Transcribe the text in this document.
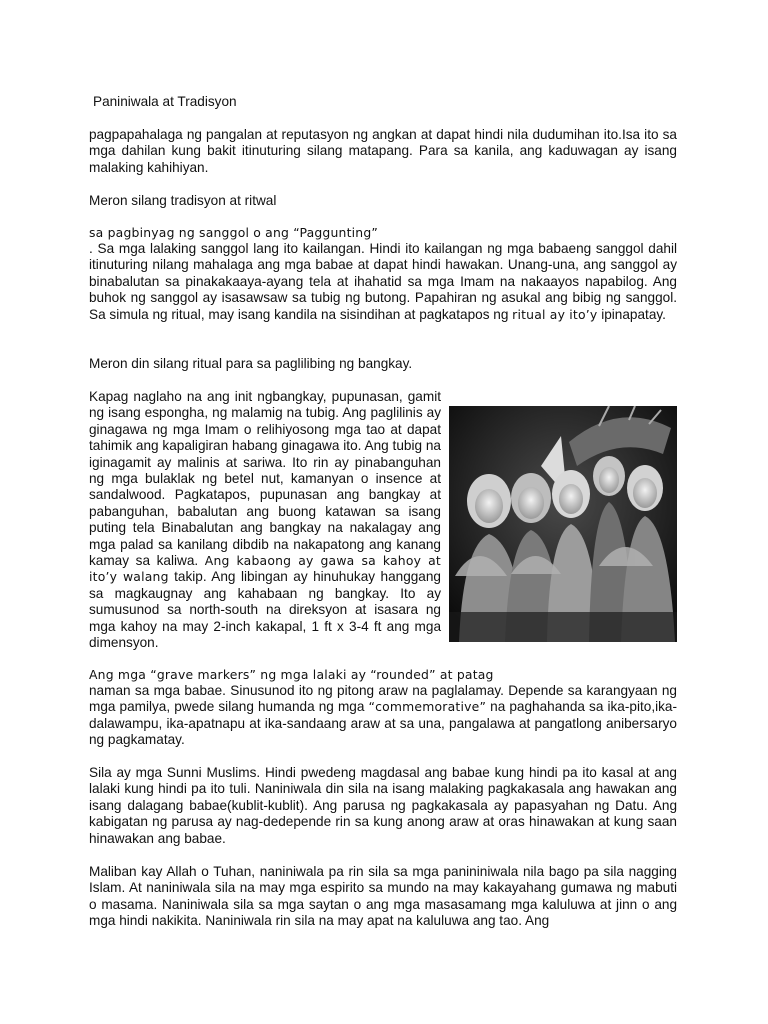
Paniniwala at Tradisyon

pagpapahalaga ng pangalan at reputasyon ng angkan at dapat hindi nila dudumihan ito.Isa ito sa mga dahilan kung bakit itinuturing silang matapang. Para sa kanila, ang kaduwagan ay isang malaking kahihiyan.

Meron silang tradisyon at ritwal

sa pagbinyag ng sanggol o ang “Paggunting”

. Sa mga lalaking sanggol lang ito kailangan. Hindi ito kailangan ng mga babaeng sanggol dahil itinuturing nilang mahalaga ang mga babae at dapat hindi hawakan. Unang-una, ang sanggol ay binabalutan sa pinakakaaya-ayang tela at ihahatid sa mga Imam na nakaayos napabilog. Ang buhok ng sanggol ay isasawsaw sa tubig ng butong. Papahiran ng asukal ang bibig ng sanggol. Sa simula ng ritual, may isang kandila na sisindihan at pagkatapos ng ritual ay ito’y ipinapatay.

Meron din silang ritual para sa paglilibing ng bangkay.

Kapag naglaho na ang init ngbangkay, pupunasan, gamit ng isang espongha, ng malamig na tubig. Ang paglilinis ay ginagawa ng mga Imam o relihiyosong mga tao at dapat tahimik ang kapaligiran habang ginagawa ito. Ang tubig na iginagamit ay malinis at sariwa. Ito rin ay pinabanguhan ng mga bulaklak ng betel nut, kamanyan o insence at sandalwood. Pagkatapos, pupunasan ang bangkay at pabanguhan, babalutan ang buong katawan sa isang puting tela Binabalutan ang bangkay na nakalagay ang mga palad sa kanilang dibdib na nakapatong ang kanang kamay sa kaliwa. Ang kabaong ay gawa sa kahoy at ito’y walang takip. Ang libingan ay hinuhukay hanggang sa magkaugnay ang kahabaan ng bangkay. Ito ay sumusunod sa north-south na direksyon at isasara ng mga kahoy na may 2-inch kakapal, 1 ft x 3-4 ft ang mga dimensyon.

Ang mga “grave markers” ng mga lalaki ay “rounded” at patag

naman sa mga babae. Sinusunod ito ng pitong araw na paglalamay. Depende sa karangyaan ng mga pamilya, pwede silang humanda ng mga “commemorative” na paghahanda sa ika-pito,ika-dalawampu, ika-apatnapu at ika-sandaang araw at sa una, pangalawa at pangatlong anibersaryo ng pagkamatay.

Sila ay mga Sunni Muslims. Hindi pwedeng magdasal ang babae kung hindi pa ito kasal at ang lalaki kung hindi pa ito tuli. Naniniwala din sila na isang malaking pagkakasala ang hawakan ang isang dalagang babae(kublit-kublit). Ang parusa ng pagkakasala ay papasyahan ng Datu. Ang kabigatan ng parusa ay nag-dedepende rin sa kung anong araw at oras hinawakan at kung saan hinawakan ang babae.

Maliban kay Allah o Tuhan, naniniwala pa rin sila sa mga panininiwala nila bago pa sila nagging Islam. At naniniwala sila na may mga espirito sa mundo na may kakayahang gumawa ng mabuti o masama. Naniniwala sila sa mga saytan o ang mga masasamang mga kaluluwa at jinn o ang mga hindi nakikita. Naniniwala rin sila na may apat na kaluluwa ang tao. Ang
